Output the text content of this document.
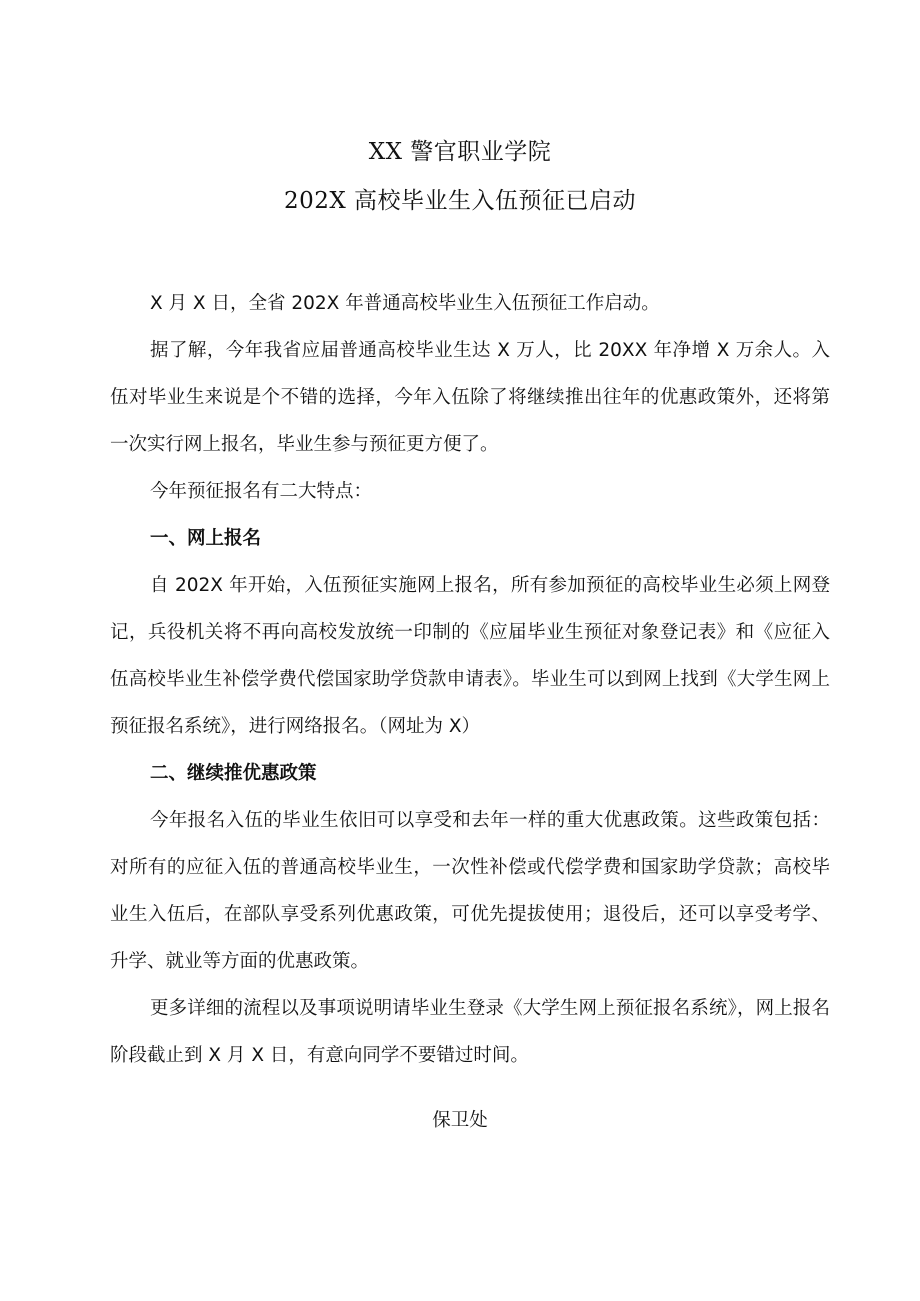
XX 警官职业学院
202X 高校毕业生入伍预征已启动

X 月 X 日，全省 202X 年普通高校毕业生入伍预征工作启动。

据了解，今年我省应届普通高校毕业生达 X 万人，比 20XX 年净增 X 万余人。入伍对毕业生来说是个不错的选择，今年入伍除了将继续推出往年的优惠政策外，还将第一次实行网上报名，毕业生参与预征更方便了。

今年预征报名有二大特点：

一、网上报名

自 202X 年开始，入伍预征实施网上报名，所有参加预征的高校毕业生必须上网登记，兵役机关将不再向高校发放统一印制的《应届毕业生预征对象登记表》和《应征入伍高校毕业生补偿学费代偿国家助学贷款申请表》。毕业生可以到网上找到《大学生网上预征报名系统》，进行网络报名。（网址为 X）

二、继续推优惠政策

今年报名入伍的毕业生依旧可以享受和去年一样的重大优惠政策。这些政策包括：对所有的应征入伍的普通高校毕业生，一次性补偿或代偿学费和国家助学贷款；高校毕业生入伍后，在部队享受系列优惠政策，可优先提拔使用；退役后，还可以享受考学、升学、就业等方面的优惠政策。

更多详细的流程以及事项说明请毕业生登录《大学生网上预征报名系统》，网上报名阶段截止到 X 月 X 日，有意向同学不要错过时间。

保卫处
